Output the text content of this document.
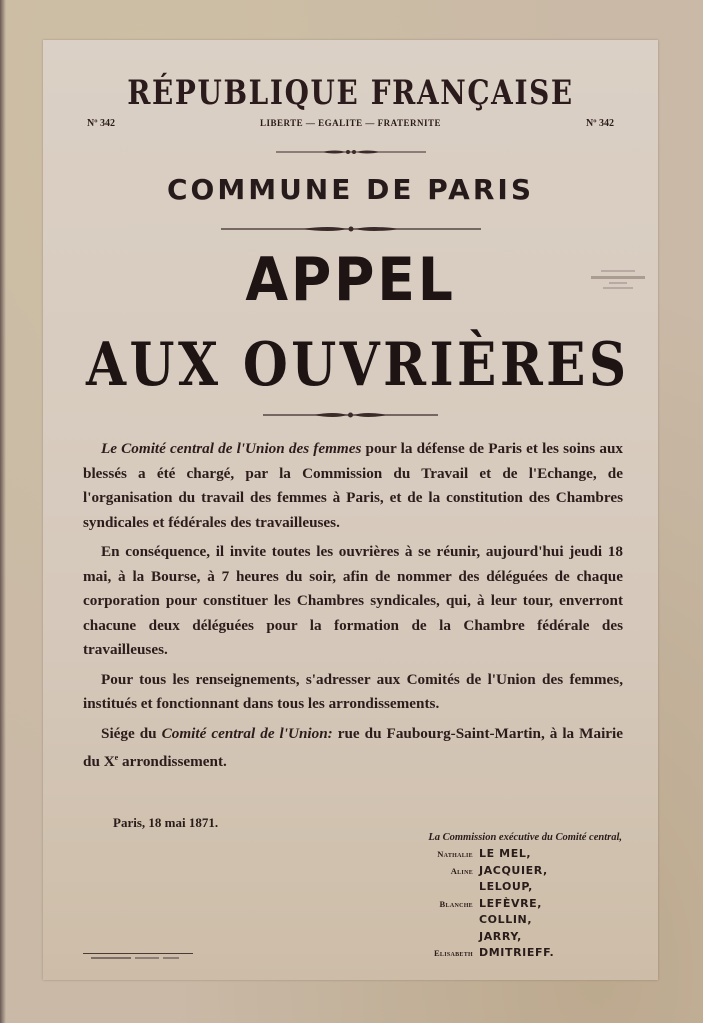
Nº 342	Nº 342
RÉPUBLIQUE FRANÇAISE
LIBERTE — EGALITE — FRATERNITE
COMMUNE DE PARIS
APPEL
AUX OUVRIÈRES

Le Comité central de l'Union des femmes pour la défense de Paris et les soins aux blessés a été chargé, par la Commission du Travail et de l'Echange, de l'organisation du travail des femmes à Paris, et de la constitution des Chambres syndicales et fédérales des travailleuses.

En conséquence, il invite toutes les ouvrières à se réunir, aujourd'hui jeudi 18 mai, à la Bourse, à 7 heures du soir, afin de nommer des déléguées de chaque corporation pour constituer les Chambres syndicales, qui, à leur tour, enverront chacune deux déléguées pour la formation de la Chambre fédérale des travailleuses.

Pour tous les renseignements, s'adresser aux Comités de l'Union des femmes, institués et fonctionnant dans tous les arrondissements.

Siége du Comité central de l'Union: rue du Faubourg-Saint-Martin, à la Mairie du Xe arrondissement.

Paris, 18 mai 1871.
La Commission exécutive du Comité central,
Nathalie LE MEL,
Aline JACQUIER,
LELOUP,
Blanche LEFÈVRE,
COLLIN,
JARRY,
Elisabeth DMITRIEFF.
